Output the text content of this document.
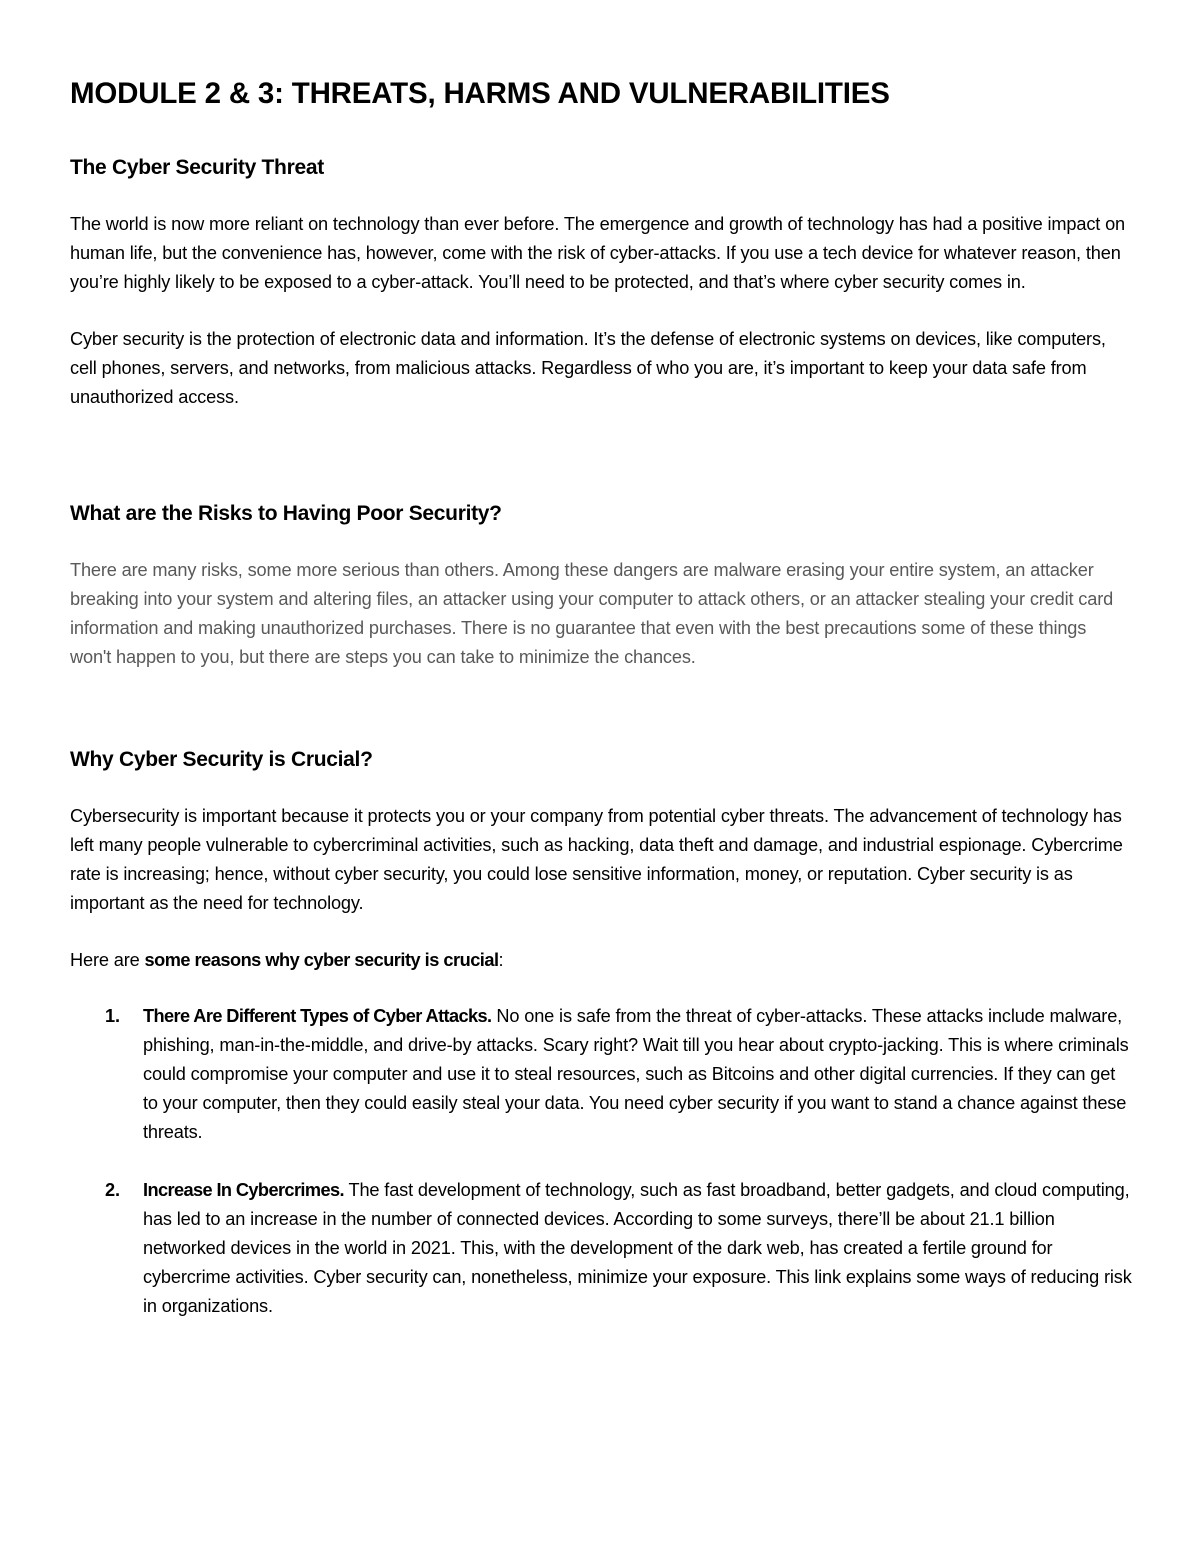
MODULE 2 & 3: THREATS, HARMS AND VULNERABILITIES
The Cyber Security Threat

The world is now more reliant on technology than ever before. The emergence and growth of technology has had a positive impact on human life, but the convenience has, however, come with the risk of cyber-attacks. If you use a tech device for whatever reason, then you’re highly likely to be exposed to a cyber-attack. You’ll need to be protected, and that’s where cyber security comes in.

Cyber security is the protection of electronic data and information. It’s the defense of electronic systems on devices, like computers, cell phones, servers, and networks, from malicious attacks. Regardless of who you are, it’s important to keep your data safe from unauthorized access.

What are the Risks to Having Poor Security?

There are many risks, some more serious than others. Among these dangers are malware erasing your entire system, an attacker breaking into your system and altering files, an attacker using your computer to attack others, or an attacker stealing your credit card information and making unauthorized purchases. There is no guarantee that even with the best precautions some of these things won't happen to you, but there are steps you can take to minimize the chances.

Why Cyber Security is Crucial?

Cybersecurity is important because it protects you or your company from potential cyber threats. The advancement of technology has left many people vulnerable to cybercriminal activities, such as hacking, data theft and damage, and industrial espionage. Cybercrime rate is increasing; hence, without cyber security, you could lose sensitive information, money, or reputation. Cyber security is as important as the need for technology.

Here are some reasons why cyber security is crucial:

1. There Are Different Types of Cyber Attacks. No one is safe from the threat of cyber-attacks. These attacks include malware, phishing, man-in-the-middle, and drive-by attacks. Scary right? Wait till you hear about crypto-jacking. This is where criminals could compromise your computer and use it to steal resources, such as Bitcoins and other digital currencies. If they can get to your computer, then they could easily steal your data. You need cyber security if you want to stand a chance against these threats.
2. Increase In Cybercrimes. The fast development of technology, such as fast broadband, better gadgets, and cloud computing, has led to an increase in the number of connected devices. According to some surveys, there’ll be about 21.1 billion networked devices in the world in 2021. This, with the development of the dark web, has created a fertile ground for cybercrime activities. Cyber security can, nonetheless, minimize your exposure. This link explains some ways of reducing risk in organizations.
